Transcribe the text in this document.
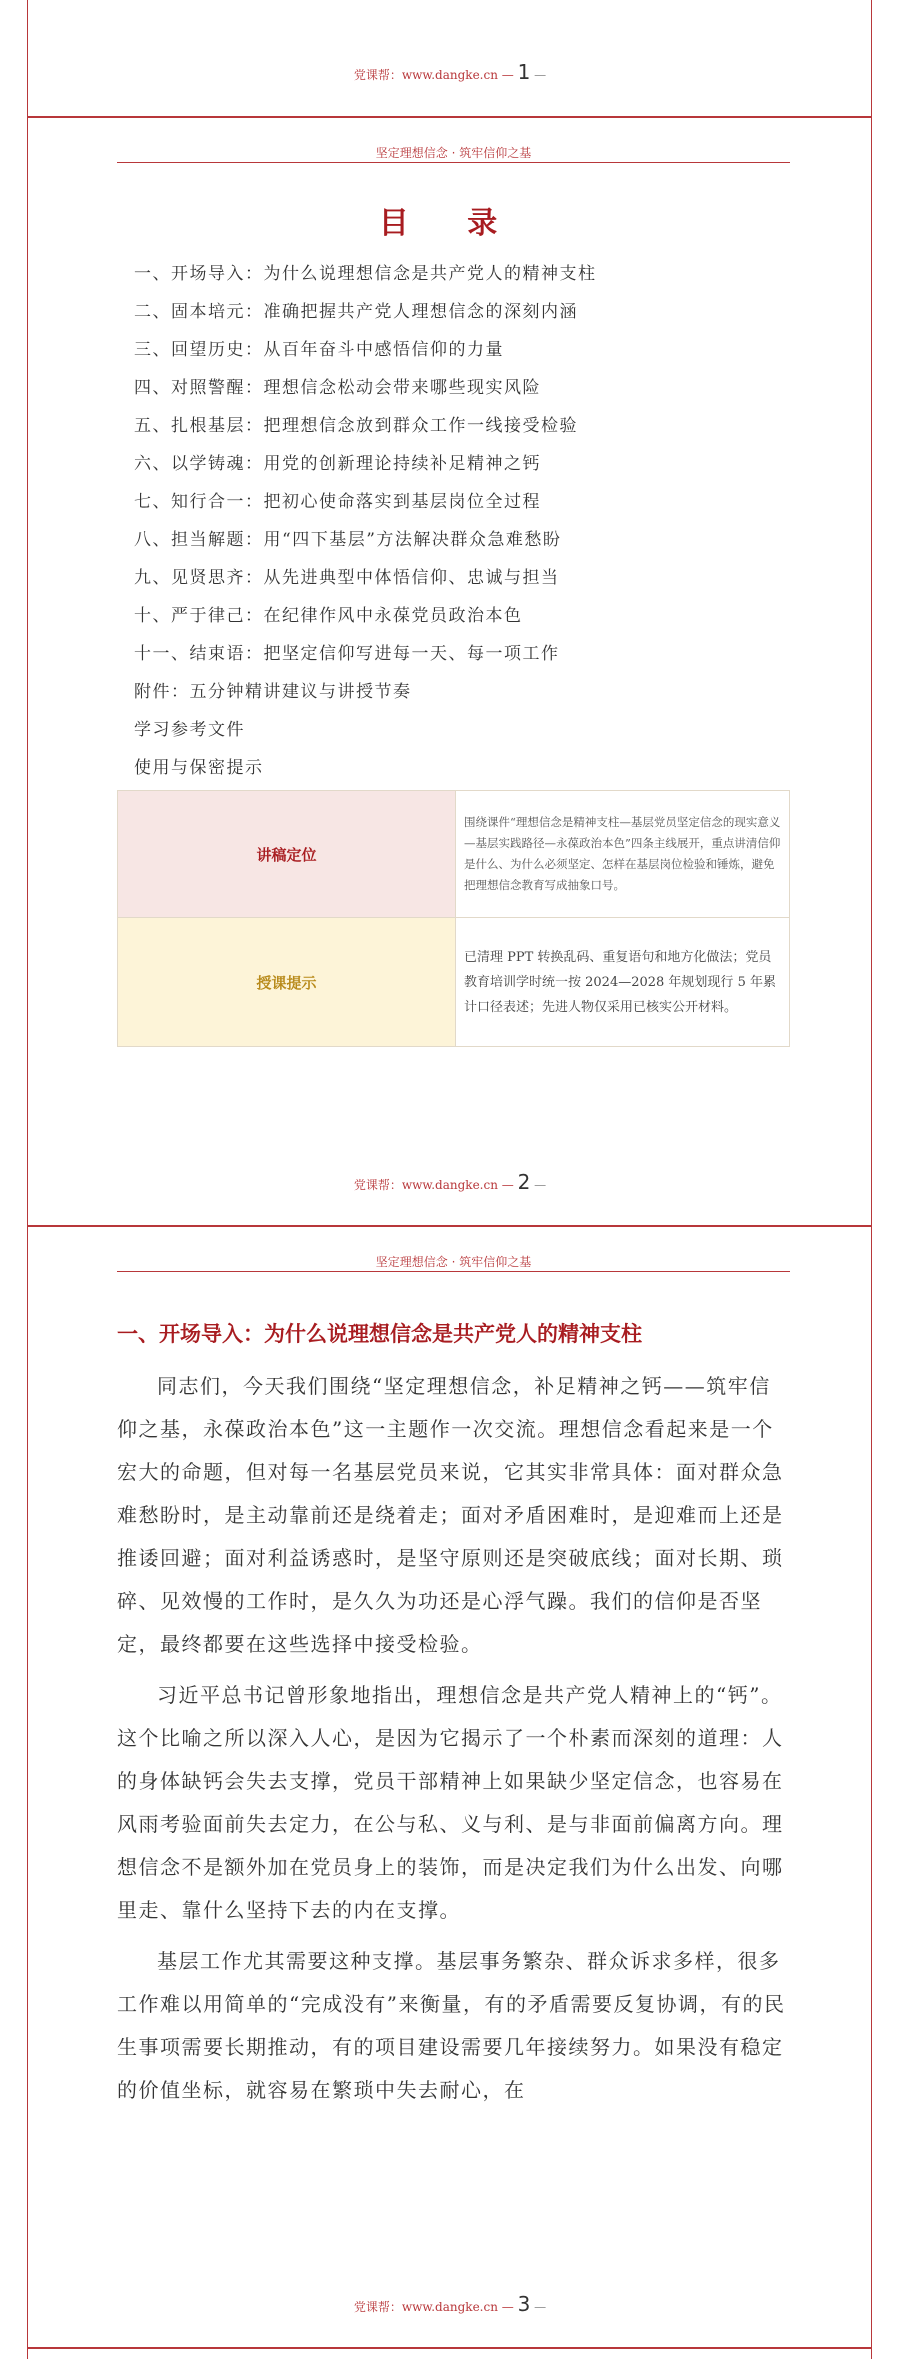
党课帮：www.dangke.cn — 1 —
坚定理想信念 · 筑牢信仰之基
目 录
一、开场导入：为什么说理想信念是共产党人的精神支柱
二、固本培元：准确把握共产党人理想信念的深刻内涵
三、回望历史：从百年奋斗中感悟信仰的力量
四、对照警醒：理想信念松动会带来哪些现实风险
五、扎根基层：把理想信念放到群众工作一线接受检验
六、以学铸魂：用党的创新理论持续补足精神之钙
七、知行合一：把初心使命落实到基层岗位全过程
八、担当解题：用“四下基层”方法解决群众急难愁盼
九、见贤思齐：从先进典型中体悟信仰、忠诚与担当
十、严于律己：在纪律作风中永葆党员政治本色
十一、结束语：把坚定信仰写进每一天、每一项工作
附件：五分钟精讲建议与讲授节奏
学习参考文件
使用与保密提示
讲稿定位	围绕课件“理想信念是精神支柱—基层党员坚定信念的现实意义—基层实践路径—永葆政治本色”四条主线展开，重点讲清信仰是什么、为什么必须坚定、怎样在基层岗位检验和锤炼，避免把理想信念教育写成抽象口号。
授课提示	已清理 PPT 转换乱码、重复语句和地方化做法；党员教育培训学时统一按 2024—2028 年规划现行 5 年累计口径表述；先进人物仅采用已核实公开材料。
党课帮：www.dangke.cn — 2 —
坚定理想信念 · 筑牢信仰之基
一、开场导入：为什么说理想信念是共产党人的精神支柱

同志们，今天我们围绕“坚定理想信念，补足精神之钙——筑牢信仰之基，永葆政治本色”这一主题作一次交流。理想信念看起来是一个宏大的命题，但对每一名基层党员来说，它其实非常具体：面对群众急难愁盼时，是主动靠前还是绕着走；面对矛盾困难时，是迎难而上还是推诿回避；面对利益诱惑时，是坚守原则还是突破底线；面对长期、琐碎、见效慢的工作时，是久久为功还是心浮气躁。我们的信仰是否坚定，最终都要在这些选择中接受检验。

习近平总书记曾形象地指出，理想信念是共产党人精神上的“钙”。这个比喻之所以深入人心，是因为它揭示了一个朴素而深刻的道理：人的身体缺钙会失去支撑，党员干部精神上如果缺少坚定信念，也容易在风雨考验面前失去定力，在公与私、义与利、是与非面前偏离方向。理想信念不是额外加在党员身上的装饰，而是决定我们为什么出发、向哪里走、靠什么坚持下去的内在支撑。

基层工作尤其需要这种支撑。基层事务繁杂、群众诉求多样，很多工作难以用简单的“完成没有”来衡量，有的矛盾需要反复协调，有的民生事项需要长期推动，有的项目建设需要几年接续努力。如果没有稳定的价值坐标，就容易在繁琐中失去耐心，在

党课帮：www.dangke.cn — 3 —
